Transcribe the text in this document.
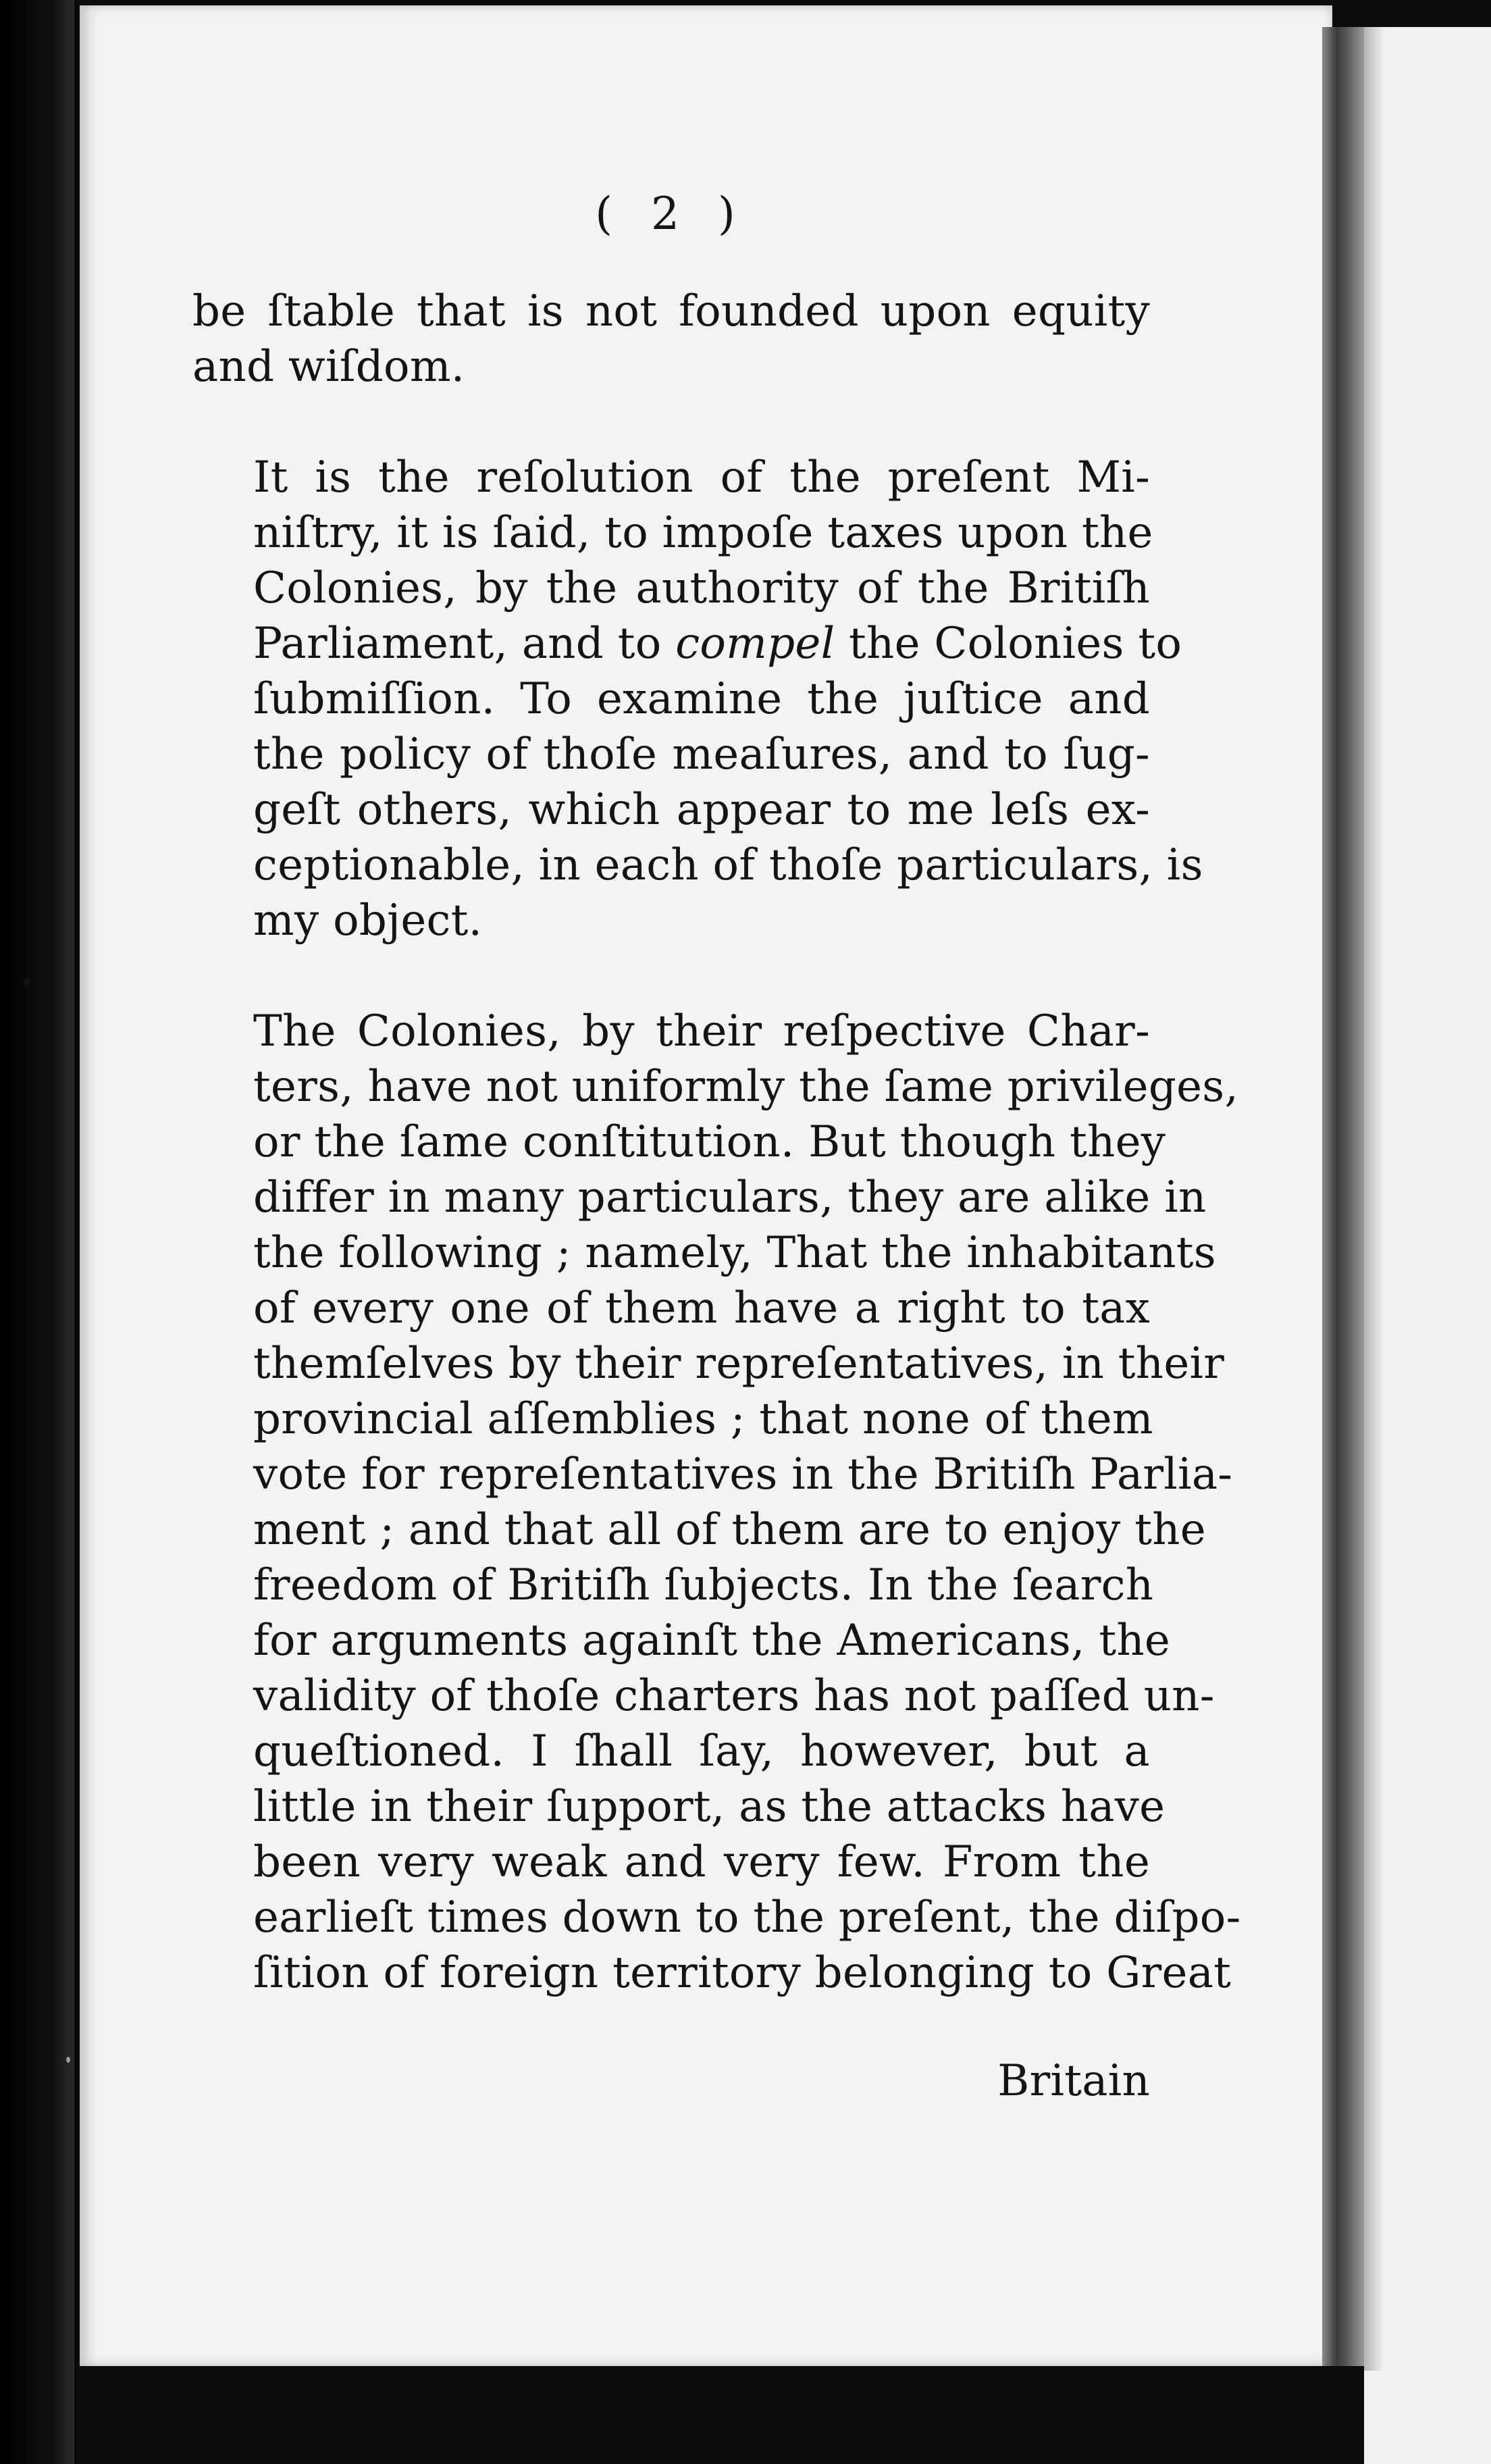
( 2 )
be ſtable that is not founded upon equity
and wiſdom.
It is the reſolution of the preſent Mi-
niſtry, it is ſaid, to impoſe taxes upon the
Colonies, by the authority of the Britiſh
Parliament, and to compel the Colonies to
ſubmiſſion. To examine the juſtice and
the policy of thoſe meaſures, and to ſug-
geſt others, which appear to me leſs ex-
ceptionable, in each of thoſe particulars, is
my object.
The Colonies, by their reſpective Char-
ters, have not uniformly the ſame privileges,
or the ſame conſtitution. But though they
differ in many particulars, they are alike in
the following ; namely, That the inhabitants
of every one of them have a right to tax
themſelves by their repreſentatives, in their
provincial aſſemblies ; that none of them
vote for repreſentatives in the Britiſh Parlia-
ment ; and that all of them are to enjoy the
freedom of Britiſh ſubjects. In the ſearch
for arguments againſt the Americans, the
validity of thoſe charters has not paſſed un-
queſtioned. I ſhall ſay, however, but a
little in their ſupport, as the attacks have
been very weak and very few. From the
earlieſt times down to the preſent, the diſpo-
ſition of foreign territory belonging to Great
Britain
